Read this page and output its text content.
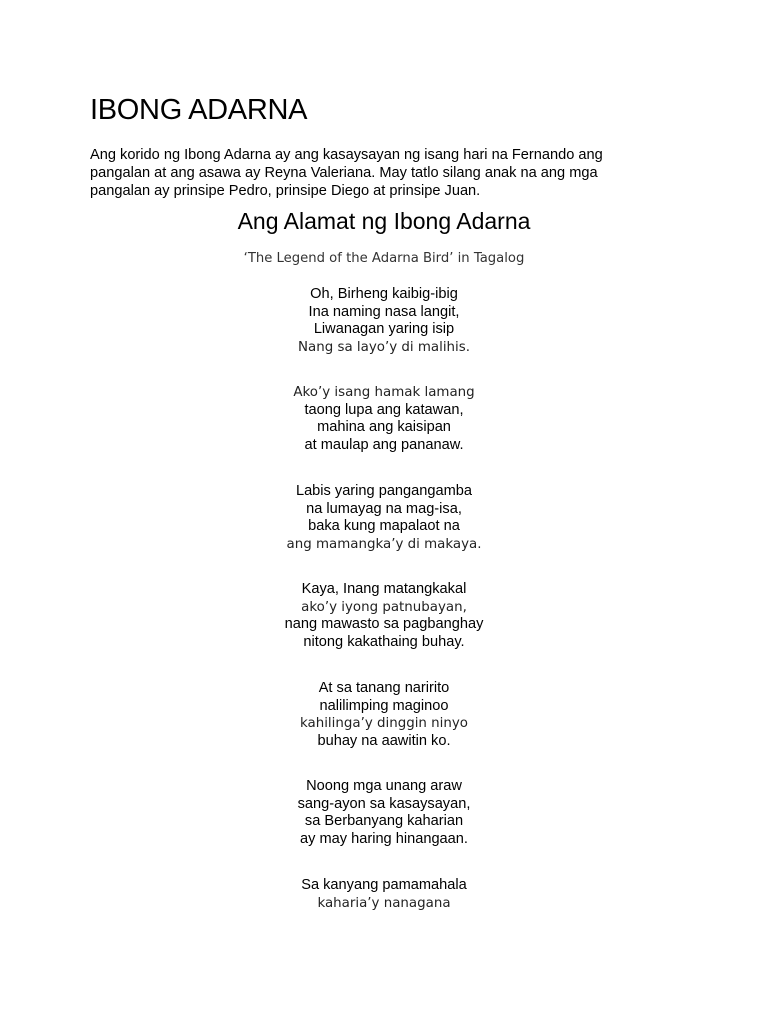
IBONG ADARNA

Ang korido ng Ibong Adarna ay ang kasaysayan ng isang hari na Fernando ang
pangalan at ang asawa ay Reyna Valeriana. May tatlo silang anak na ang mga
pangalan ay prinsipe Pedro, prinsipe Diego at prinsipe Juan.

Ang Alamat ng Ibong Adarna

‘The Legend of the Adarna Bird’ in Tagalog

Oh, Birheng kaibig-ibig
Ina naming nasa langit,
Liwanagan yaring isip
Nang sa layo’y di malihis.
Ako’y isang hamak lamang
taong lupa ang katawan,
mahina ang kaisipan
at maulap ang pananaw.
Labis yaring pangangamba
na lumayag na mag-isa,
baka kung mapalaot na
ang mamangka’y di makaya.
Kaya, Inang matangkakal
ako’y iyong patnubayan,
nang mawasto sa pagbanghay
nitong kakathaing buhay.
At sa tanang naririto
nalilimping maginoo
kahilinga’y dinggin ninyo
buhay na aawitin ko.
Noong mga unang araw
sang-ayon sa kasaysayan,
sa Berbanyang kaharian
ay may haring hinangaan.
Sa kanyang pamamahala
kaharia’y nanagana
